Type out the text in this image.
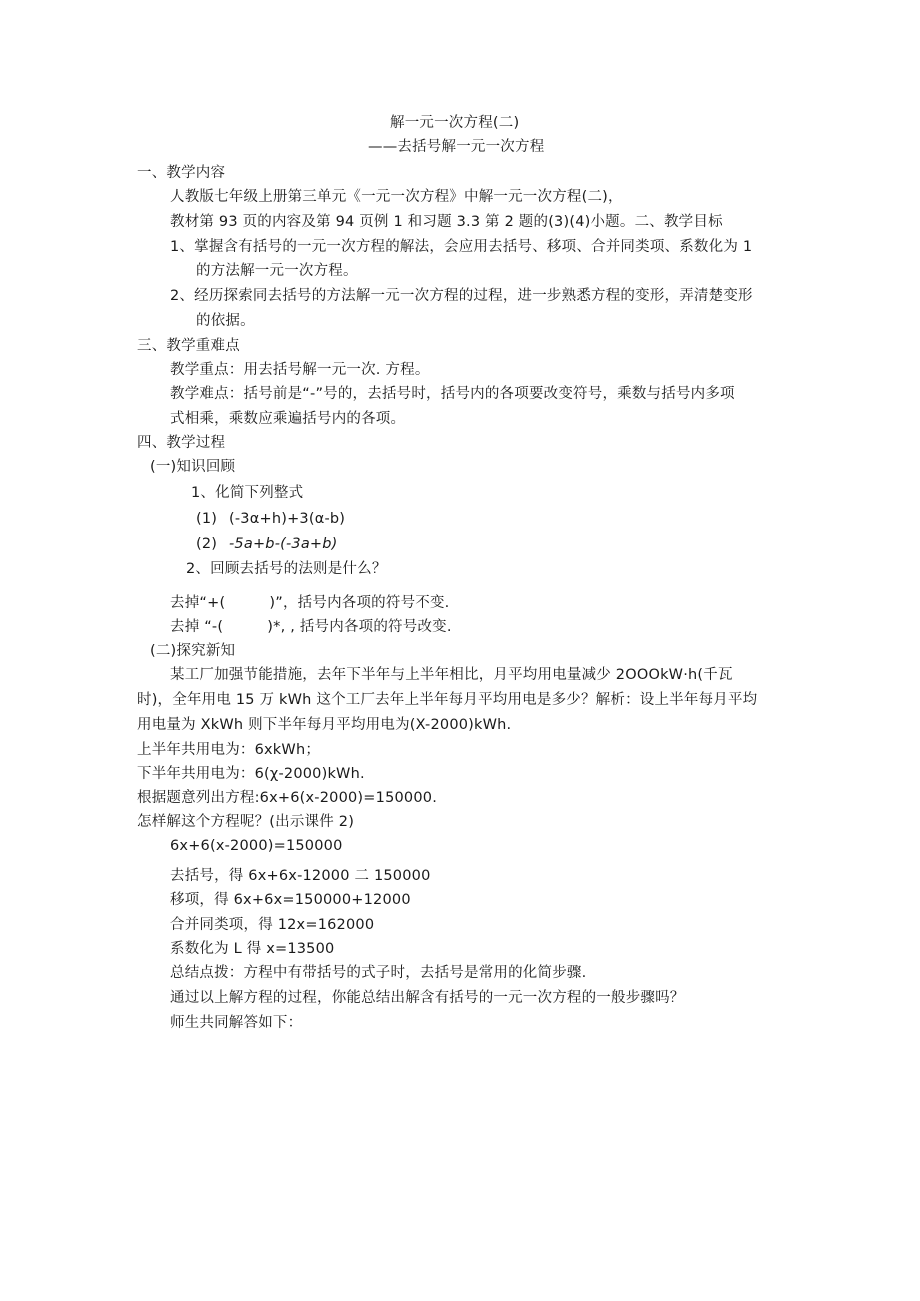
解一元一次方程(二)
——去括号解一元一次方程
一、教学内容
人教版七年级上册第三单元《一元一次方程》中解一元一次方程(二)，
教材第 93 页的内容及第 94 页例 1 和习题 3.3 第 2 题的(3)(4)小题。二、教学目标
1、掌握含有括号的一元一次方程的解法，会应用去括号、移项、合并同类项、系数化为 1
的方法解一元一次方程。
2、经历探索同去括号的方法解一元一次方程的过程，进一步熟悉方程的变形，弄清楚变形
的依据。
三、教学重难点
教学重点：用去括号解一元一次. 方程。
教学难点：括号前是“-”号的，去括号时，括号内的各项要改变符号，乘数与括号内多项
式相乘，乘数应乘遍括号内的各项。
四、教学过程
(一)知识回顾
1、化简下列整式
(1) (-3α+h)+3(α-b)
(2) -5a+b-(-3a+b)
2、回顾去括号的法则是什么？
去掉“+(　　　)”，括号内各项的符号不变.
去掉 “-(　　　)*, , 括号内各项的符号改变.
(二)探究新知
某工厂加强节能措施，去年下半年与上半年相比，月平均用电量减少 2OOOkW·h(千瓦
时)，全年用电 15 万 kWh 这个工厂去年上半年每月平均用电是多少？解析：设上半年每月平均
用电量为 XkWh 则下半年每月平均用电为(X-2000)kWh.
上半年共用电为：6xkWh；
下半年共用电为：6(χ-2000)kWh.
根据题意列出方程:6x+6(x-2000)=150000.
怎样解这个方程呢？(出示课件 2)
6x+6(x-2000)=150000
去括号，得 6x+6x-12000 二 150000
移项，得 6x+6x=150000+12000
合并同类项，得 12x=162000
系数化为 L 得 x=13500
总结点拨：方程中有带括号的式子时，去括号是常用的化简步骤.
通过以上解方程的过程，你能总结出解含有括号的一元一次方程的一般步骤吗？
师生共同解答如下：
